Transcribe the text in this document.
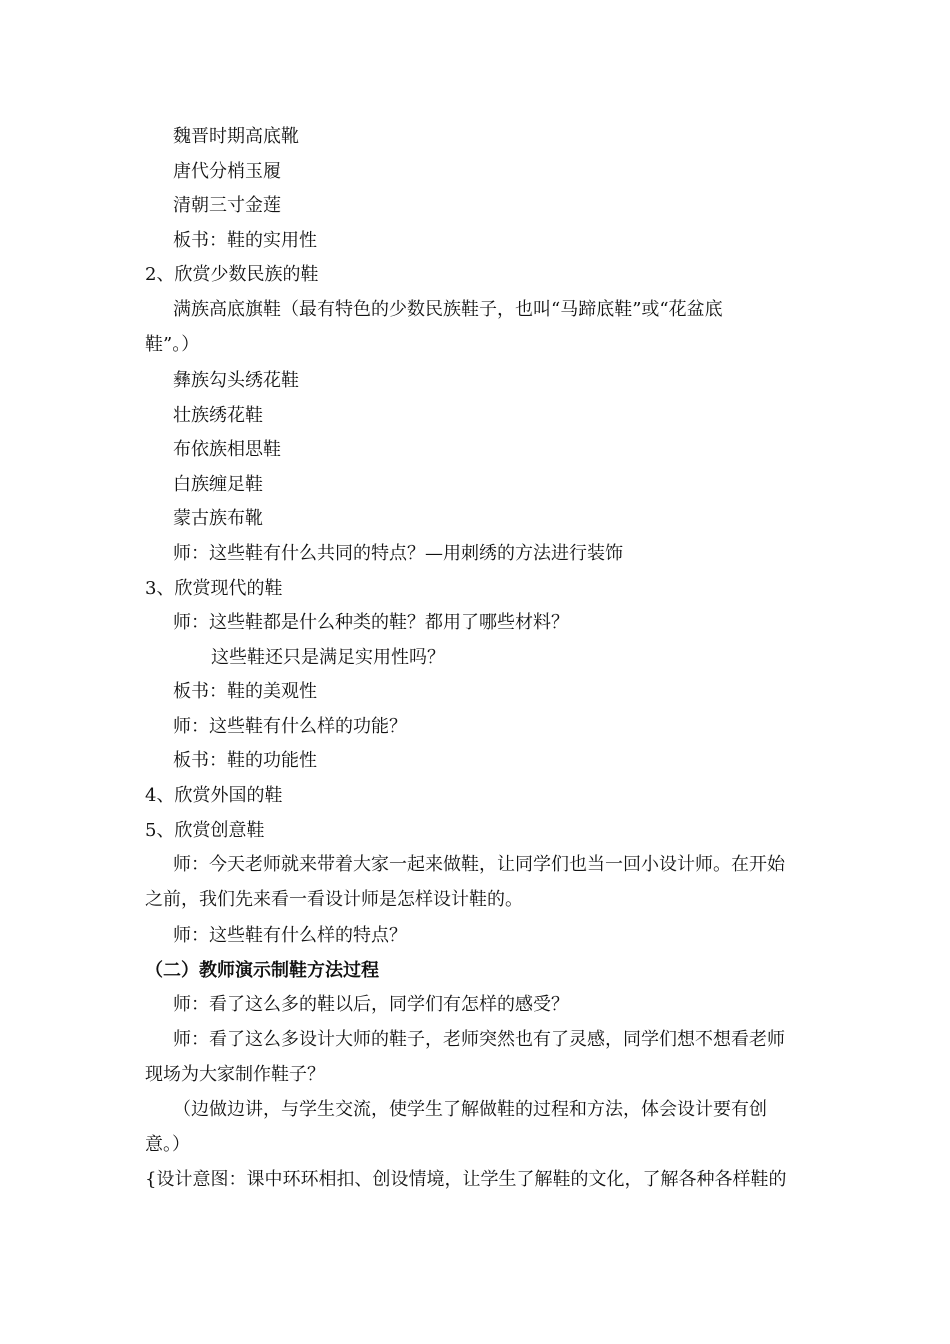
魏晋时期高底靴
唐代分梢玉履
清朝三寸金莲
板书：鞋的实用性
2、欣赏少数民族的鞋
满族高底旗鞋（最有特色的少数民族鞋子，也叫“马蹄底鞋”或“花盆底
鞋”。）
彝族勾头绣花鞋
壮族绣花鞋
布依族相思鞋
白族缠足鞋
蒙古族布靴
师：这些鞋有什么共同的特点？—用刺绣的方法进行装饰
3、欣赏现代的鞋
师：这些鞋都是什么种类的鞋？都用了哪些材料？
这些鞋还只是满足实用性吗？
板书：鞋的美观性
师：这些鞋有什么样的功能？
板书：鞋的功能性
4、欣赏外国的鞋
5、欣赏创意鞋
师：今天老师就来带着大家一起来做鞋，让同学们也当一回小设计师。在开始
之前，我们先来看一看设计师是怎样设计鞋的。
师：这些鞋有什么样的特点？
（二）教师演示制鞋方法过程
师：看了这么多的鞋以后，同学们有怎样的感受？
师：看了这么多设计大师的鞋子，老师突然也有了灵感，同学们想不想看老师
现场为大家制作鞋子？
（边做边讲，与学生交流，使学生了解做鞋的过程和方法，体会设计要有创
意。）
{设计意图：课中环环相扣、创设情境，让学生了解鞋的文化，了解各种各样鞋的
